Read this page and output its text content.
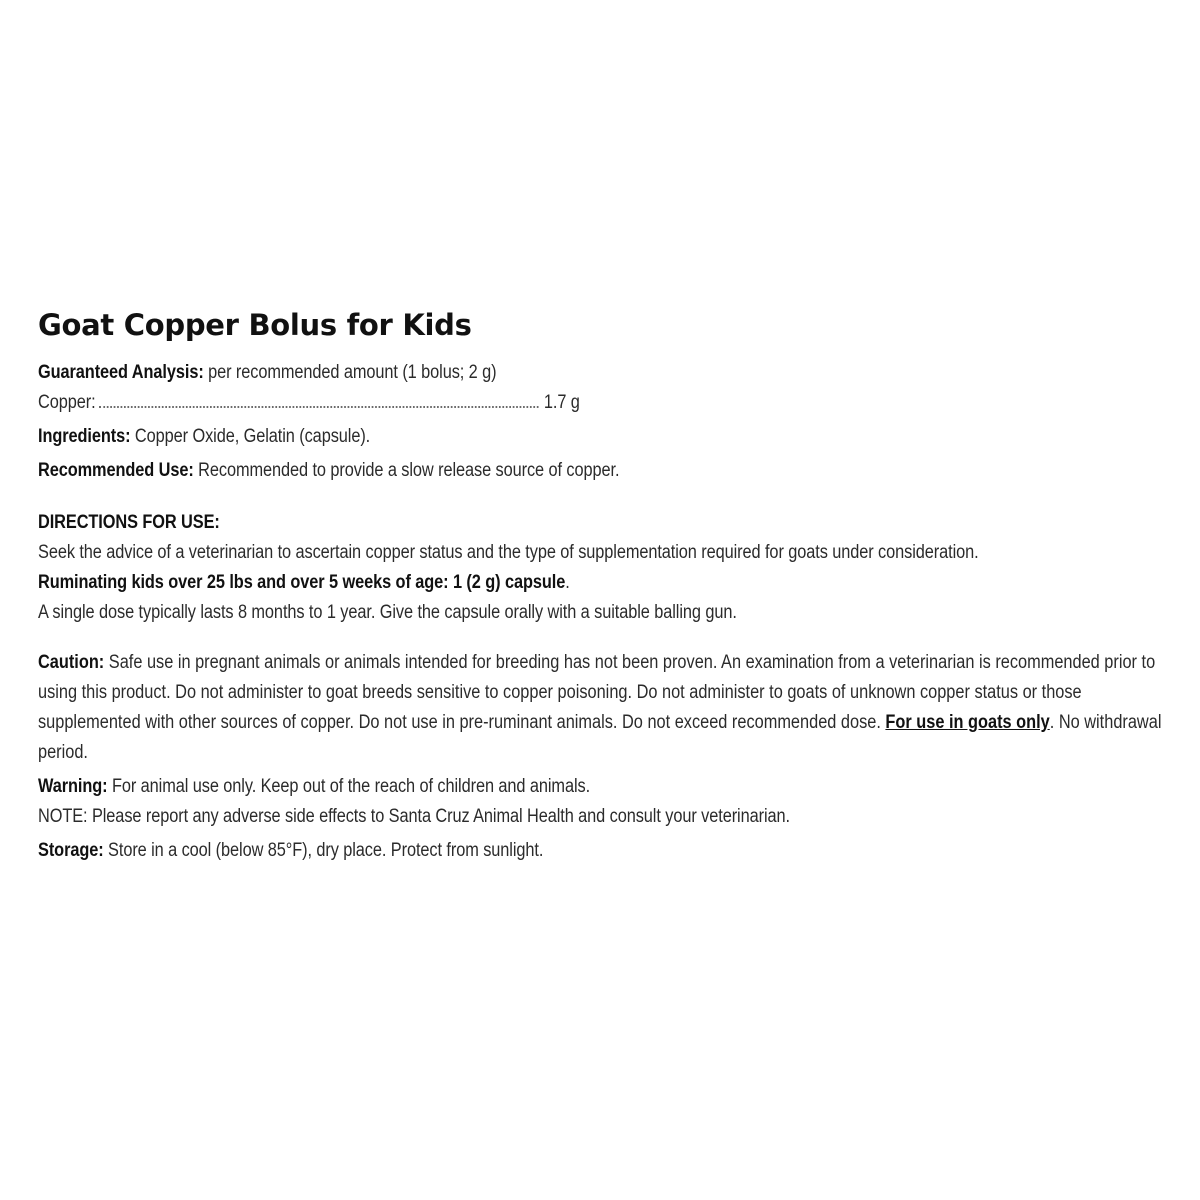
Goat Copper Bolus for Kids
Guaranteed Analysis: per recommended amount (1 bolus; 2 g)
Copper:	1.7 g
Ingredients: Copper Oxide, Gelatin (capsule).
Recommended Use: Recommended to provide a slow release source of copper.
DIRECTIONS FOR USE:
Seek the advice of a veterinarian to ascertain copper status and the type of supplementation required for goats under consideration.
Ruminating kids over 25 lbs and over 5 weeks of age: 1 (2 g) capsule.
A single dose typically lasts 8 months to 1 year. Give the capsule orally with a suitable balling gun.
Caution: Safe use in pregnant animals or animals intended for breeding has not been proven. An examination from a veterinarian is recommended prior to using this product. Do not administer to goat breeds sensitive to copper poisoning. Do not administer to goats of unknown copper status or those supplemented with other sources of copper. Do not use in pre-ruminant animals. Do not exceed recommended dose. For use in goats only. No withdrawal period.
Warning: For animal use only. Keep out of the reach of children and animals.
NOTE: Please report any adverse side effects to Santa Cruz Animal Health and consult your veterinarian.
Storage: Store in a cool (below 85°F), dry place. Protect from sunlight.
